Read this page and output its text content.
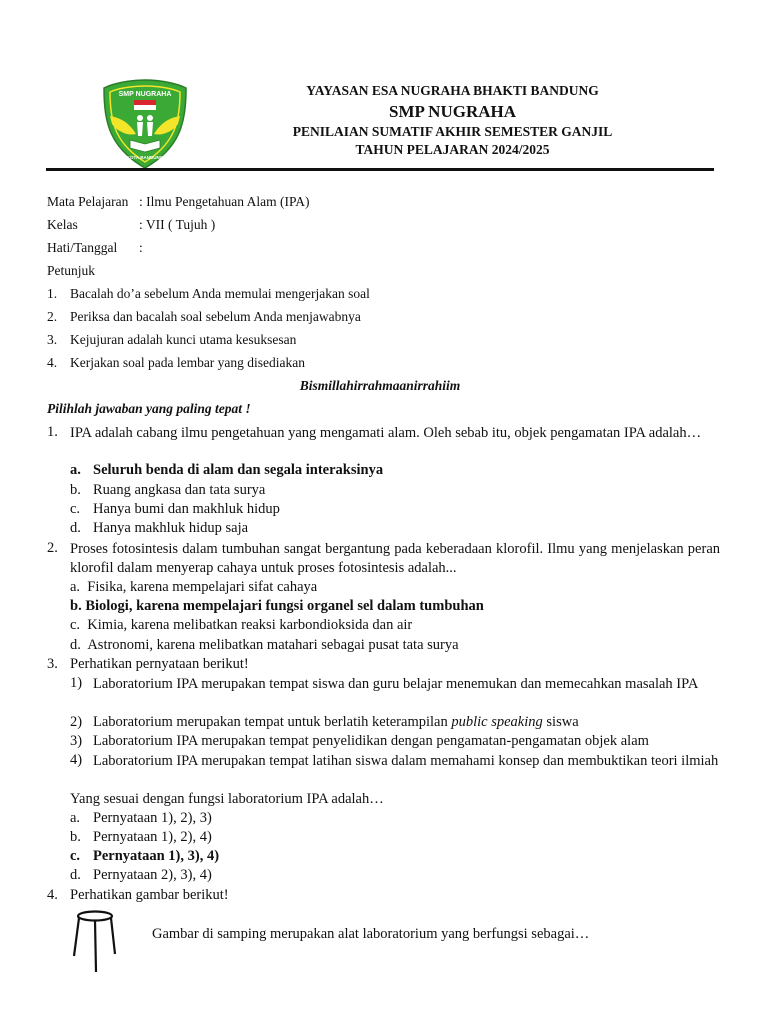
SMP NUGRAHA
KOTA BANDUNG
YAYASAN ESA NUGRAHA BHAKTI BANDUNG
SMP NUGRAHA
PENILAIAN SUMATIF AKHIR SEMESTER GANJIL
TAHUN PELAJARAN 2024/2025
Mata Pelajaran : Ilmu Pengetahuan Alam (IPA)
Kelas	: VII ( Tujuh )
Hati/Tanggal :
Petunjuk
1. Bacalah do’a sebelum Anda memulai mengerjakan soal
2. Periksa dan bacalah soal sebelum Anda menjawabnya
3. Kejujuran adalah kunci utama kesuksesan
4. Kerjakan soal pada lembar yang disediakan
Bismillahirrahmaanirrahiim
Pilihlah jawaban yang paling tepat !
1. IPA adalah cabang ilmu pengetahuan yang mengamati alam. Oleh sebab itu, objek pengamatan IPA adalah…
a. Seluruh benda di alam dan segala interaksinya
b. Ruang angkasa dan tata surya
c. Hanya bumi dan makhluk hidup
d. Hanya makhluk hidup saja
2. Proses fotosintesis dalam tumbuhan sangat bergantung pada keberadaan klorofil. Ilmu yang menjelaskan peran klorofil dalam menyerap cahaya untuk proses fotosintesis adalah...
a.  Fisika, karena mempelajari sifat cahaya
b. Biologi, karena mempelajari fungsi organel sel dalam tumbuhan
c.  Kimia, karena melibatkan reaksi karbondioksida dan air
d.  Astronomi, karena melibatkan matahari sebagai pusat tata surya
3. Perhatikan pernyataan berikut!
1) Laboratorium IPA merupakan tempat siswa dan guru belajar menemukan dan memecahkan masalah IPA
2) Laboratorium merupakan tempat untuk berlatih keterampilan public speaking siswa
3) Laboratorium IPA merupakan tempat penyelidikan dengan pengamatan-pengamatan objek alam
4) Laboratorium IPA merupakan tempat latihan siswa dalam memahami konsep dan membuktikan teori ilmiah
Yang sesuai dengan fungsi laboratorium IPA adalah…
a. Pernyataan 1), 2), 3)
b. Pernyataan 1), 2), 4)
c. Pernyataan 1), 3), 4)
d. Pernyataan 2), 3), 4)
4. Perhatikan gambar berikut!
Gambar di samping merupakan alat laboratorium yang berfungsi sebagai…
